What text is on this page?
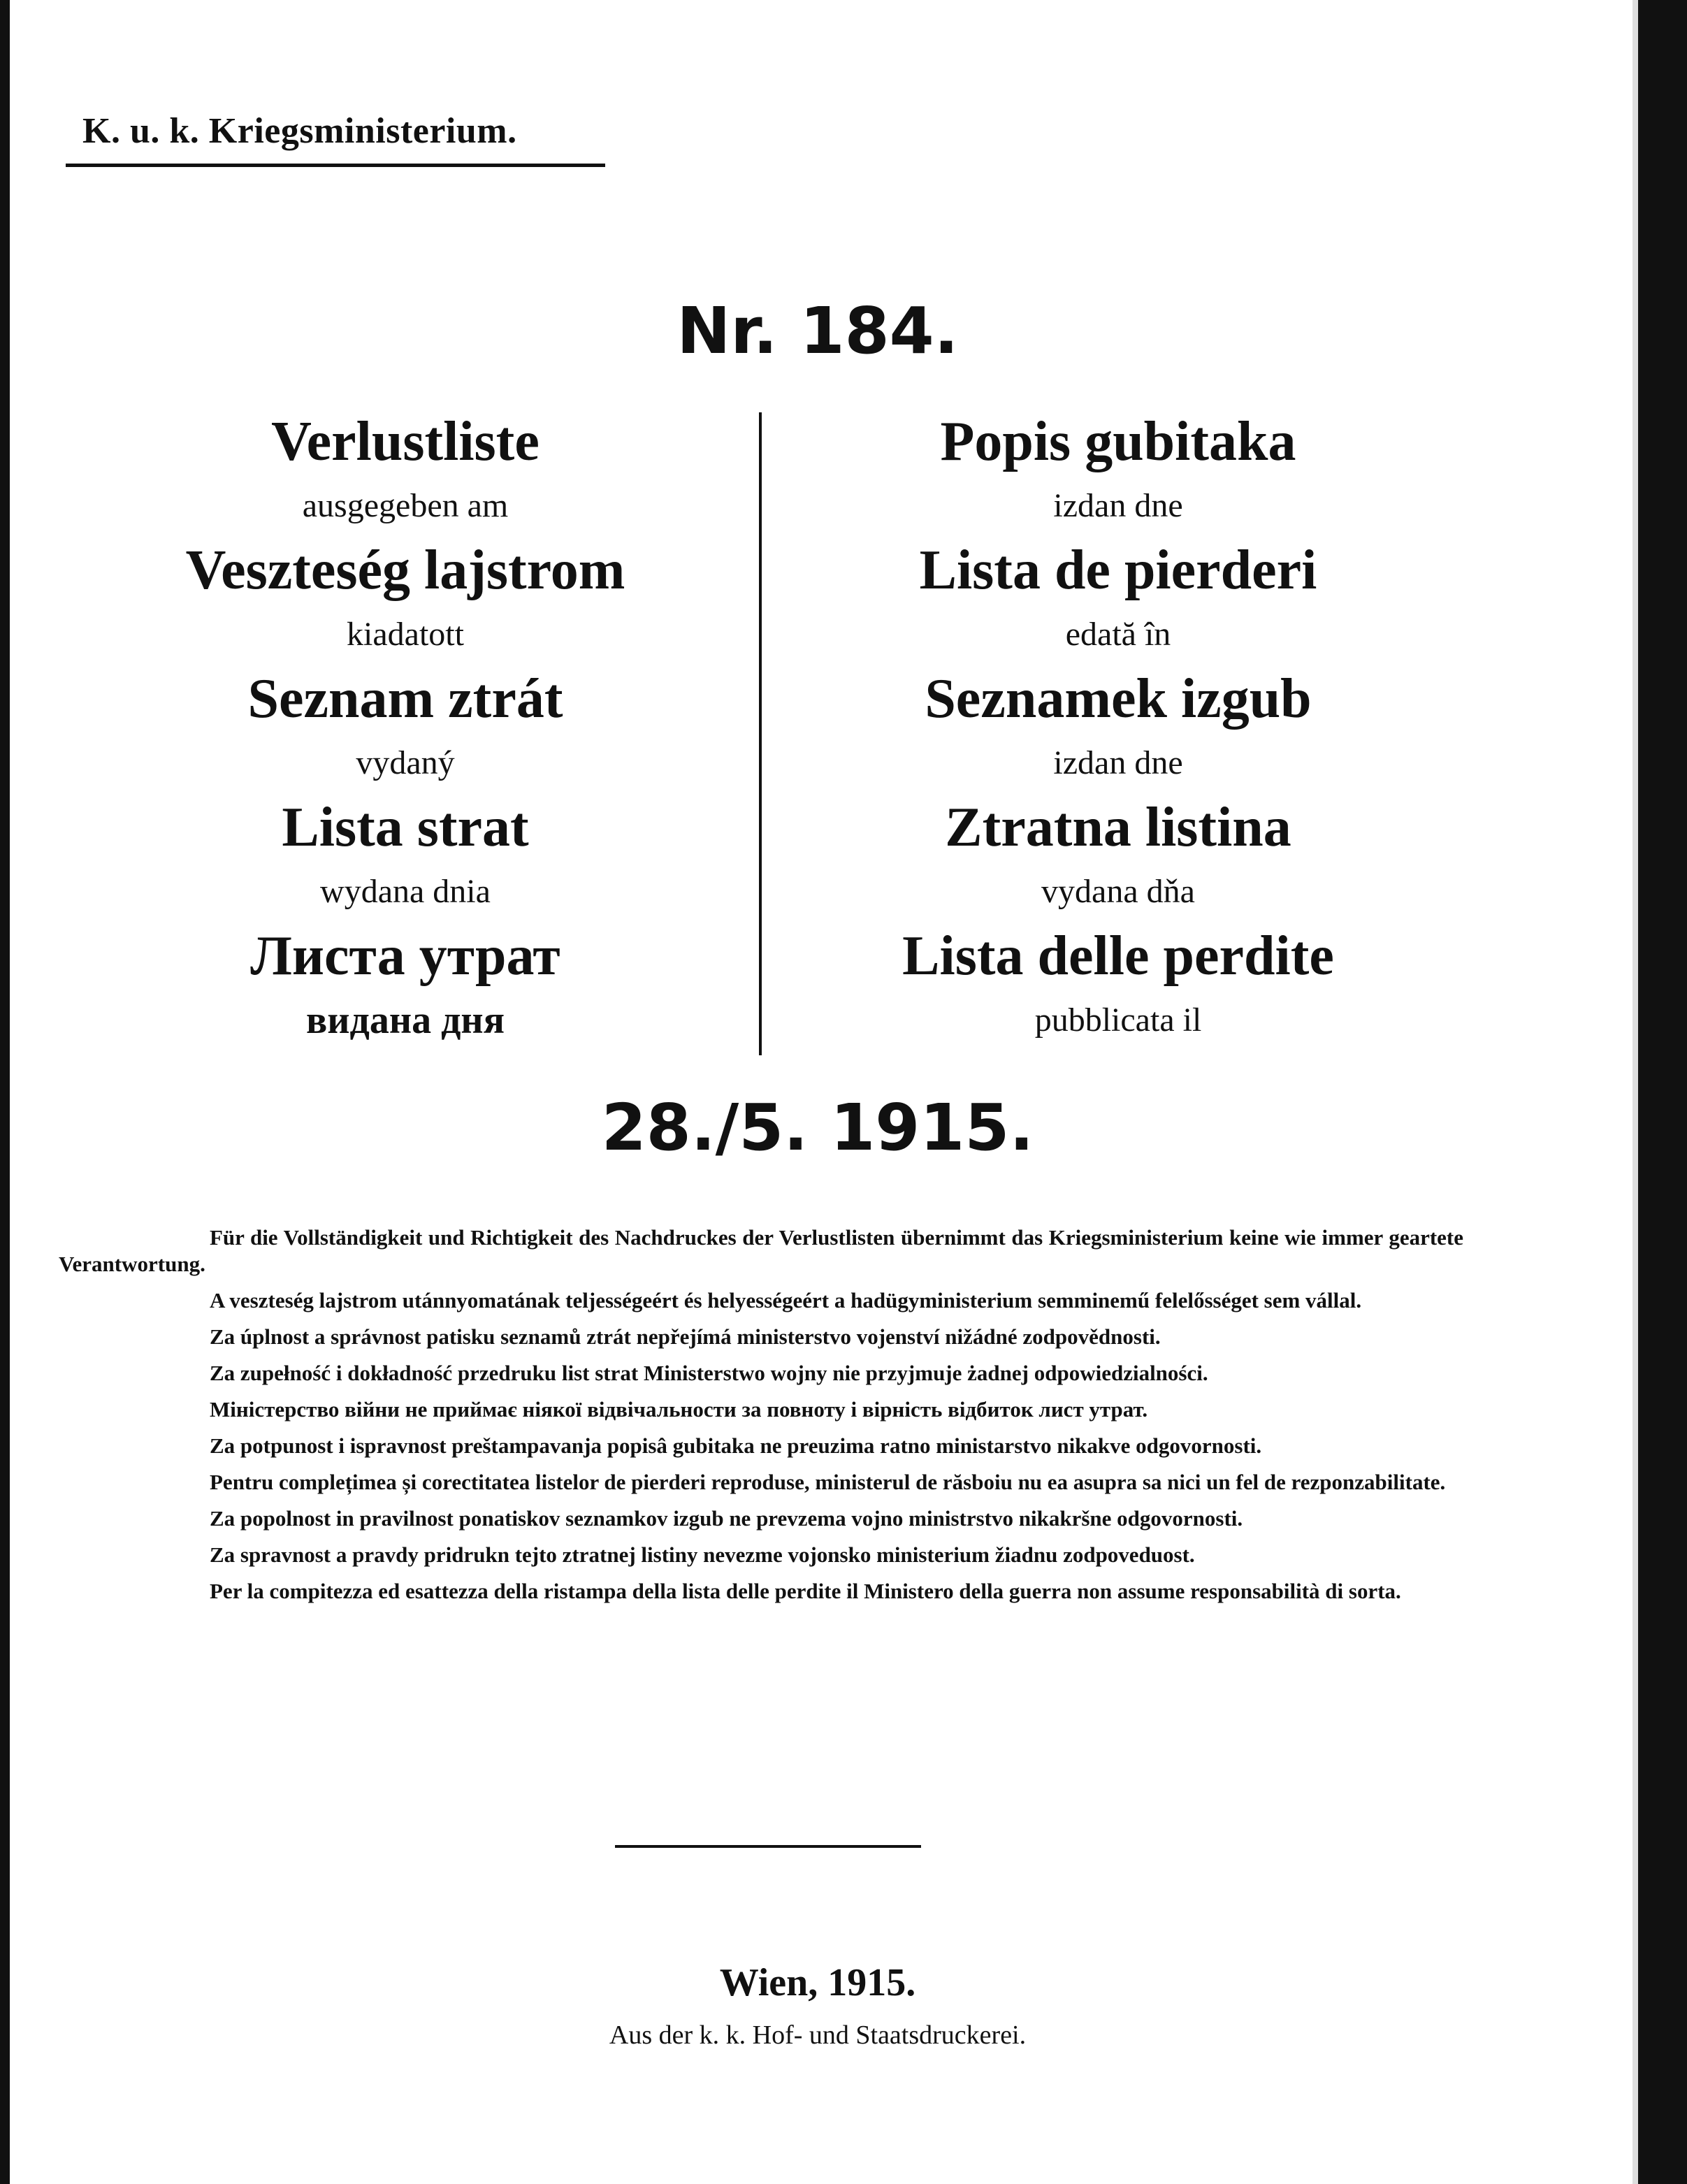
K. u. k. Kriegsministerium.
Nr. 184.
Verlustliste
ausgegeben am
Veszteség lajstrom
kiadatott
Seznam ztrát
vydaný
Lista strat
wydana dnia
Листа утрат
видана дня
Popis gubitaka
izdan dne
Lista de pierderi
edată în
Seznamek izgub
izdan dne
Ztratna listina
vydana dňa
Lista delle perdite
pubblicata il
28./5. 1915.

Für die Vollständigkeit und Richtigkeit des Nachdruckes der Verlustlisten übernimmt das Kriegsministerium keine wie immer geartete Verantwortung.

A veszteség lajstrom utánnyomatának teljességeért és helyességeért a hadügyministerium semminemű felelősséget sem vállal.

Za úplnost a správnost patisku seznamů ztrát nepřejímá ministerstvo vojenství nižádné zodpovědnosti.

Za zupełność i dokładność przedruku list strat Ministerstwo wojny nie przyjmuje żadnej odpowiedzialności.

Міністерство війни не приймає ніякої відвічальности за повноту і вірність відбиток лист утрат.

Za potpunost i ispravnost preštampavanja popisâ gubitaka ne preuzima ratno ministarstvo nikakve odgovornosti.

Pentru complețimea și corectitatea listelor de pierderi reproduse, ministerul de răsboiu nu ea asupra sa nici un fel de rezponzabilitate.

Za popolnost in pravilnost ponatiskov seznamkov izgub ne prevzema vojno ministrstvo nikakršne odgovornosti.

Za spravnost a pravdy pridrukn tejto ztratnej listiny nevezme vojonsko ministerium žiadnu zodpoveduost.

Per la compitezza ed esattezza della ristampa della lista delle perdite il Ministero della guerra non assume responsabilità di sorta.

Wien, 1915.
Aus der k. k. Hof- und Staatsdruckerei.
